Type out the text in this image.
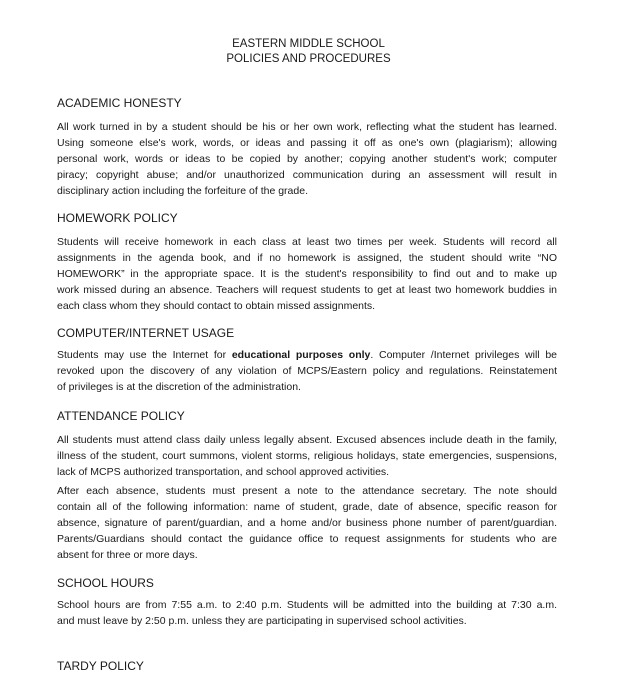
EASTERN MIDDLE SCHOOL
POLICIES AND PROCEDURES
ACADEMIC HONESTY
All work turned in by a student should be his or her own work, reflecting what the student has learned.
Using someone else's work, words, or ideas and passing it off as one's own (plagiarism); allowing
personal work, words or ideas to be copied by another; copying another student's work; computer
piracy; copyright abuse; and/or unauthorized communication during an assessment will result in
disciplinary action including the forfeiture of the grade.
HOMEWORK POLICY
Students will receive homework in each class at least two times per week. Students will record all
assignments in the agenda book, and if no homework is assigned, the student should write “NO
HOMEWORK” in the appropriate space. It is the student's responsibility to find out and to make up
work missed during an absence. Teachers will request students to get at least two homework buddies in
each class whom they should contact to obtain missed assignments.
COMPUTER/INTERNET USAGE
Students may use the Internet for educational purposes only. Computer /Internet privileges will be
revoked upon the discovery of any violation of MCPS/Eastern policy and regulations. Reinstatement
of privileges is at the discretion of the administration.
ATTENDANCE POLICY
All students must attend class daily unless legally absent. Excused absences include death in the family,
illness of the student, court summons, violent storms, religious holidays, state emergencies, suspensions,
lack of MCPS authorized transportation, and school approved activities.
After each absence, students must present a note to the attendance secretary. The note should
contain all of the following information: name of student, grade, date of absence, specific reason for
absence, signature of parent/guardian, and a home and/or business phone number of parent/guardian.
Parents/Guardians should contact the guidance office to request assignments for students who are
absent for three or more days.
SCHOOL HOURS
School hours are from 7:55 a.m. to 2:40 p.m. Students will be admitted into the building at 7:30 a.m.
and must leave by 2:50 p.m. unless they are participating in supervised school activities.
TARDY POLICY
